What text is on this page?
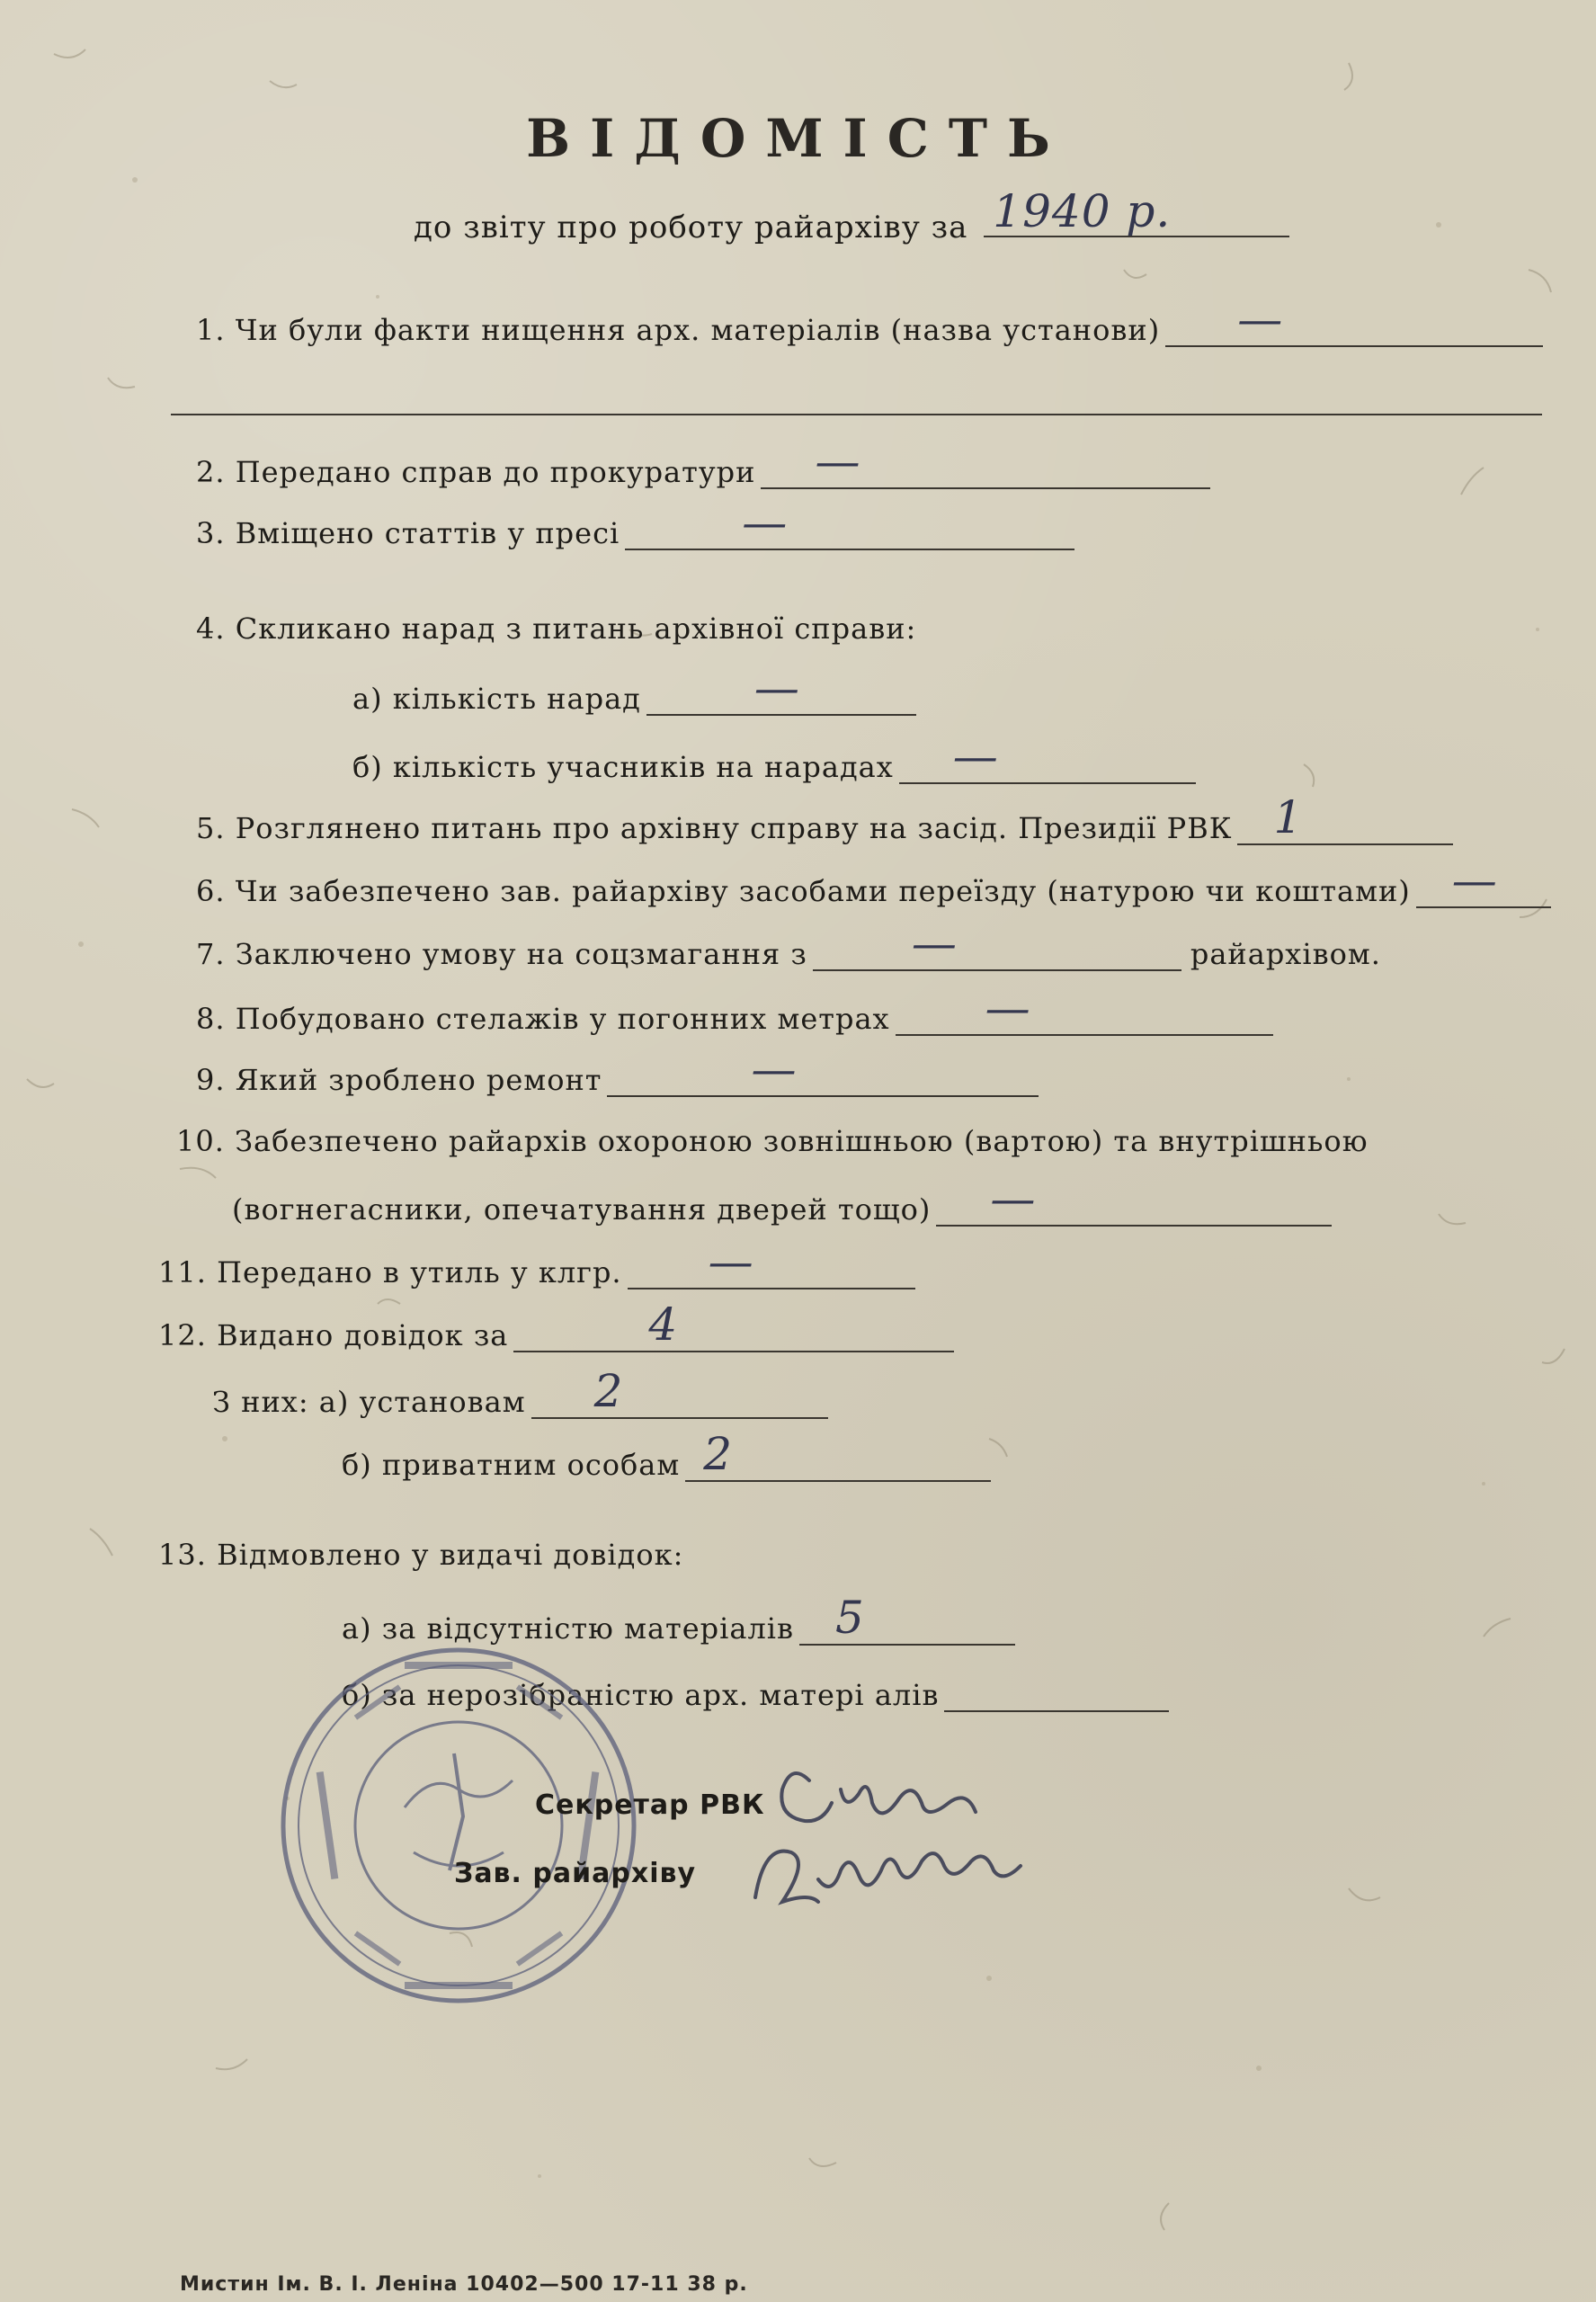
ВІДОМІСТЬ
до звіту про роботу райархіву за 1940 р.
1. Чи були факти нищення арх. матеріалів (назва установи) —
2. Передано справ до прокуратури —
3. Вміщено статтів у пресі	—
4. Скликано нарад з питань архівної справи:
а) кількість нарад	—
б) кількість учасників на нарадах —
5. Розглянено питань про архівну справу на засід. Президії РВК 1
6. Чи забезпечено зав. райархіву засобами переїзду (натурою чи коштами) —
7. Заключено умову на соцзмагання з —	райархівом.
8. Побудовано стелажів у погонних метрах —
9. Який зроблено ремонт	—
10. Забезпечено райархів охороною зовнішньою (вартою) та внутрішньою
(вогнегасники, опечатування дверей тощо) —
11. Передано в утиль у клгр. —
12. Видано довідок за	4
З них: а) установам 2
б) приватним особам 2
13. Відмовлено у видачі довідок:
а) за відсутністю матеріалів 5
б) за нерозібраністю арх. матері алів
Секретар РВК
Зав. райархіву
Мистин Ім. В. І. Леніна 10402—500 17-11 38 р.
